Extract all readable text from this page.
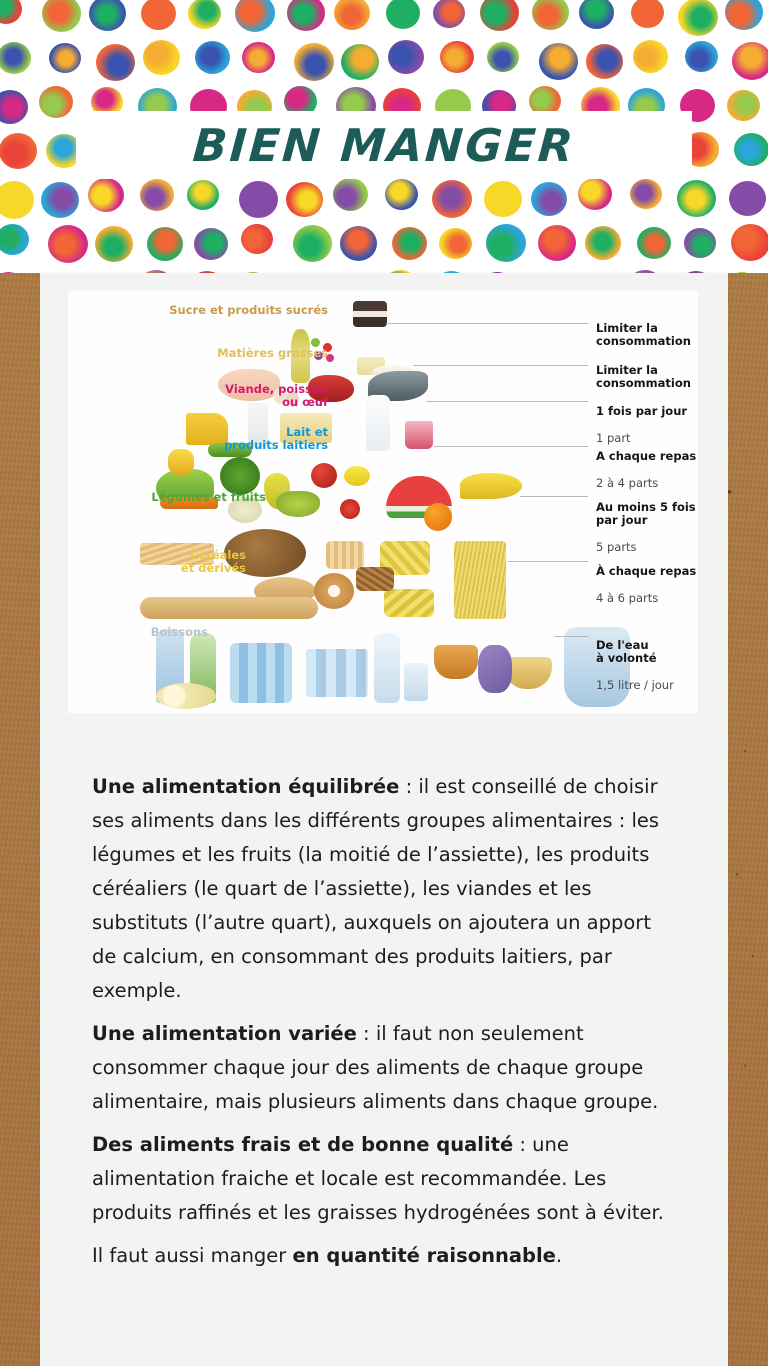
BIEN MANGER
Sucre et produits sucrés
Matières grasses
Viande, poisson
ou œuf
Lait et
produits laitiers
Légumes et fruits
Céréales
et dérivés
Boissons

Limiter la
consommation

Limiter la
consommation

1 fois par jour

1 part

A chaque repas

2 à 4 parts

Au moins 5 fois
par jour

5 parts

À chaque repas

4 à 6 parts

De l'eau
à volonté

1,5 litre / jour

Une alimentation équilibrée : il est conseillé de choisir ses aliments dans les différents groupes alimentaires : les légumes et les fruits (la moitié de l’assiette), les produits céréaliers (le quart de l’assiette), les viandes et les substituts (l’autre quart), auxquels on ajoutera un apport de calcium, en consommant des produits laitiers, par exemple.

Une alimentation variée : il faut non seulement consommer chaque jour des aliments de chaque groupe alimentaire, mais plusieurs aliments dans chaque groupe.

Des aliments frais et de bonne qualité : une alimentation fraiche et locale est recommandée. Les produits raffinés et les graisses hydrogénées sont à éviter.

Il faut aussi manger en quantité raisonnable.
